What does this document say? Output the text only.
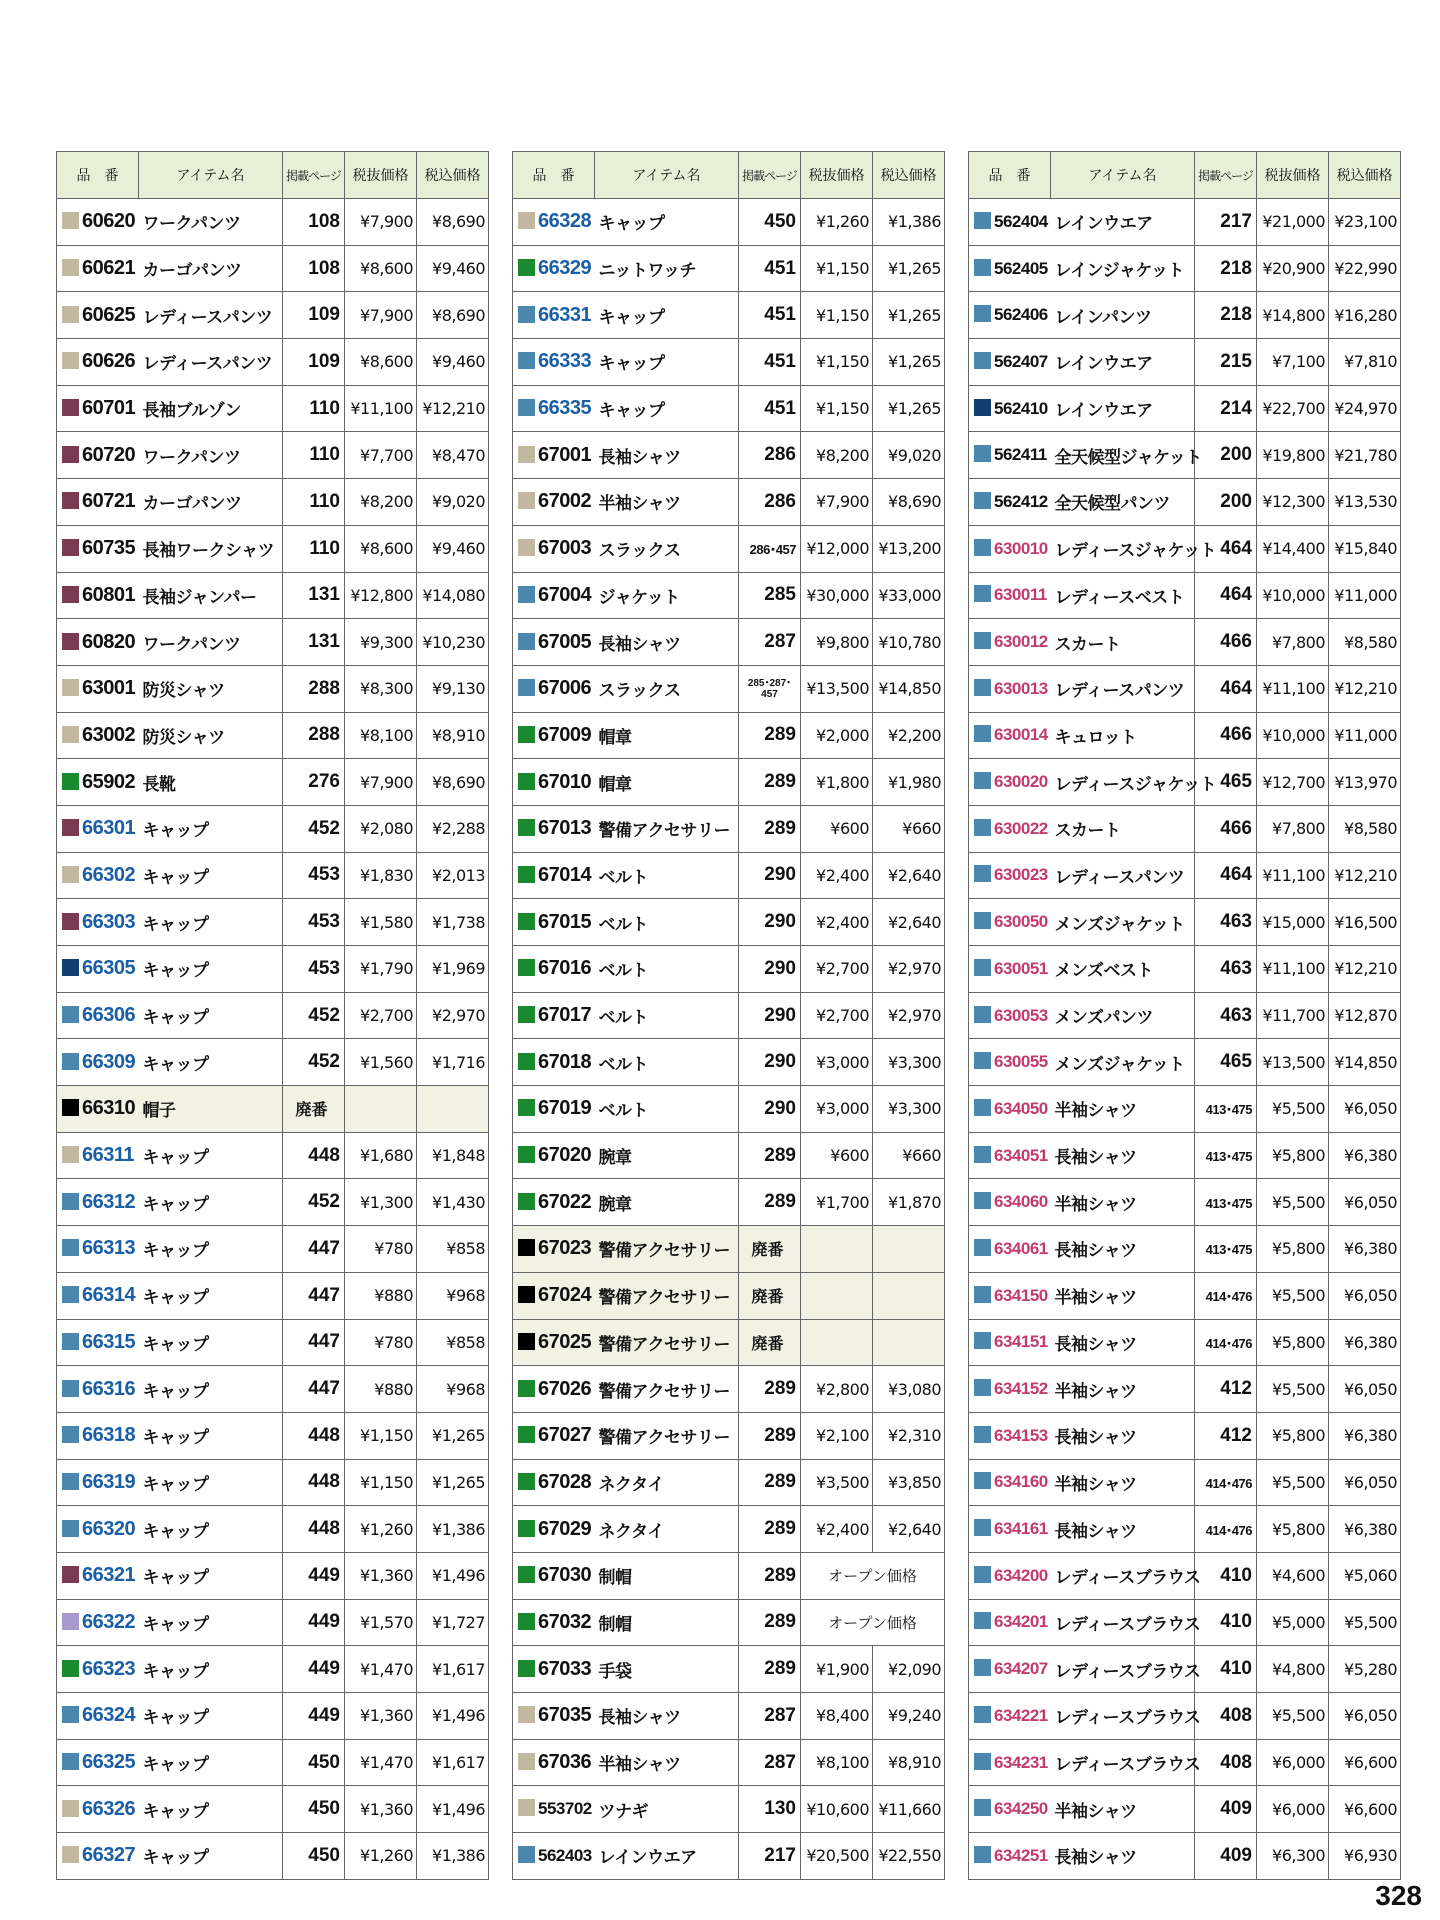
品　番	アイテム名	掲載ページ	税抜価格	税込価格
60620	ワークパンツ	108	¥7,900	¥8,690
60621	カーゴパンツ	108	¥8,600	¥9,460
60625	レディースパンツ	109	¥7,900	¥8,690
60626	レディースパンツ	109	¥8,600	¥9,460
60701	長袖ブルゾン	110	¥11,100	¥12,210
60720	ワークパンツ	110	¥7,700	¥8,470
60721	カーゴパンツ	110	¥8,200	¥9,020
60735	長袖ワークシャツ	110	¥8,600	¥9,460
60801	長袖ジャンパー	131	¥12,800	¥14,080
60820	ワークパンツ	131	¥9,300	¥10,230
63001	防災シャツ	288	¥8,300	¥9,130
63002	防災シャツ	288	¥8,100	¥8,910
65902	長靴	276	¥7,900	¥8,690
66301	キャップ	452	¥2,080	¥2,288
66302	キャップ	453	¥1,830	¥2,013
66303	キャップ	453	¥1,580	¥1,738
66305	キャップ	453	¥1,790	¥1,969
66306	キャップ	452	¥2,700	¥2,970
66309	キャップ	452	¥1,560	¥1,716
66310	帽子	廃番		
66311	キャップ	448	¥1,680	¥1,848
66312	キャップ	452	¥1,300	¥1,430
66313	キャップ	447	¥780	¥858
66314	キャップ	447	¥880	¥968
66315	キャップ	447	¥780	¥858
66316	キャップ	447	¥880	¥968
66318	キャップ	448	¥1,150	¥1,265
66319	キャップ	448	¥1,150	¥1,265
66320	キャップ	448	¥1,260	¥1,386
66321	キャップ	449	¥1,360	¥1,496
66322	キャップ	449	¥1,570	¥1,727
66323	キャップ	449	¥1,470	¥1,617
66324	キャップ	449	¥1,360	¥1,496
66325	キャップ	450	¥1,470	¥1,617
66326	キャップ	450	¥1,360	¥1,496
66327	キャップ	450	¥1,260	¥1,386
品　番	アイテム名	掲載ページ	税抜価格	税込価格
66328	キャップ	450	¥1,260	¥1,386
66329	ニットワッチ	451	¥1,150	¥1,265
66331	キャップ	451	¥1,150	¥1,265
66333	キャップ	451	¥1,150	¥1,265
66335	キャップ	451	¥1,150	¥1,265
67001	長袖シャツ	286	¥8,200	¥9,020
67002	半袖シャツ	286	¥7,900	¥8,690
67003	スラックス	286･457	¥12,000	¥13,200
67004	ジャケット	285	¥30,000	¥33,000
67005	長袖シャツ	287	¥9,800	¥10,780
67006	スラックス	285･287･457	¥13,500	¥14,850
67009	帽章	289	¥2,000	¥2,200
67010	帽章	289	¥1,800	¥1,980
67013	警備アクセサリー	289	¥600	¥660
67014	ベルト	290	¥2,400	¥2,640
67015	ベルト	290	¥2,400	¥2,640
67016	ベルト	290	¥2,700	¥2,970
67017	ベルト	290	¥2,700	¥2,970
67018	ベルト	290	¥3,000	¥3,300
67019	ベルト	290	¥3,000	¥3,300
67020	腕章	289	¥600	¥660
67022	腕章	289	¥1,700	¥1,870
67023	警備アクセサリー	廃番		
67024	警備アクセサリー	廃番		
67025	警備アクセサリー	廃番		
67026	警備アクセサリー	289	¥2,800	¥3,080
67027	警備アクセサリー	289	¥2,100	¥2,310
67028	ネクタイ	289	¥3,500	¥3,850
67029	ネクタイ	289	¥2,400	¥2,640
67030	制帽	289	オープン価格	
67032	制帽	289	オープン価格	
67033	手袋	289	¥1,900	¥2,090
67035	長袖シャツ	287	¥8,400	¥9,240
67036	半袖シャツ	287	¥8,100	¥8,910
553702	ツナギ	130	¥10,600	¥11,660
562403	レインウエア	217	¥20,500	¥22,550
品　番	アイテム名	掲載ページ	税抜価格	税込価格
562404	レインウエア	217	¥21,000	¥23,100
562405	レインジャケット	218	¥20,900	¥22,990
562406	レインパンツ	218	¥14,800	¥16,280
562407	レインウエア	215	¥7,100	¥7,810
562410	レインウエア	214	¥22,700	¥24,970
562411	全天候型ジャケット	200	¥19,800	¥21,780
562412	全天候型パンツ	200	¥12,300	¥13,530
630010	レディースジャケット	464	¥14,400	¥15,840
630011	レディースベスト	464	¥10,000	¥11,000
630012	スカート	466	¥7,800	¥8,580
630013	レディースパンツ	464	¥11,100	¥12,210
630014	キュロット	466	¥10,000	¥11,000
630020	レディースジャケット	465	¥12,700	¥13,970
630022	スカート	466	¥7,800	¥8,580
630023	レディースパンツ	464	¥11,100	¥12,210
630050	メンズジャケット	463	¥15,000	¥16,500
630051	メンズベスト	463	¥11,100	¥12,210
630053	メンズパンツ	463	¥11,700	¥12,870
630055	メンズジャケット	465	¥13,500	¥14,850
634050	半袖シャツ	413･475	¥5,500	¥6,050
634051	長袖シャツ	413･475	¥5,800	¥6,380
634060	半袖シャツ	413･475	¥5,500	¥6,050
634061	長袖シャツ	413･475	¥5,800	¥6,380
634150	半袖シャツ	414･476	¥5,500	¥6,050
634151	長袖シャツ	414･476	¥5,800	¥6,380
634152	半袖シャツ	412	¥5,500	¥6,050
634153	長袖シャツ	412	¥5,800	¥6,380
634160	半袖シャツ	414･476	¥5,500	¥6,050
634161	長袖シャツ	414･476	¥5,800	¥6,380
634200	レディースブラウス	410	¥4,600	¥5,060
634201	レディースブラウス	410	¥5,000	¥5,500
634207	レディースブラウス	410	¥4,800	¥5,280
634221	レディースブラウス	408	¥5,500	¥6,050
634231	レディースブラウス	408	¥6,000	¥6,600
634250	半袖シャツ	409	¥6,000	¥6,600
634251	長袖シャツ	409	¥6,300	¥6,930
328
